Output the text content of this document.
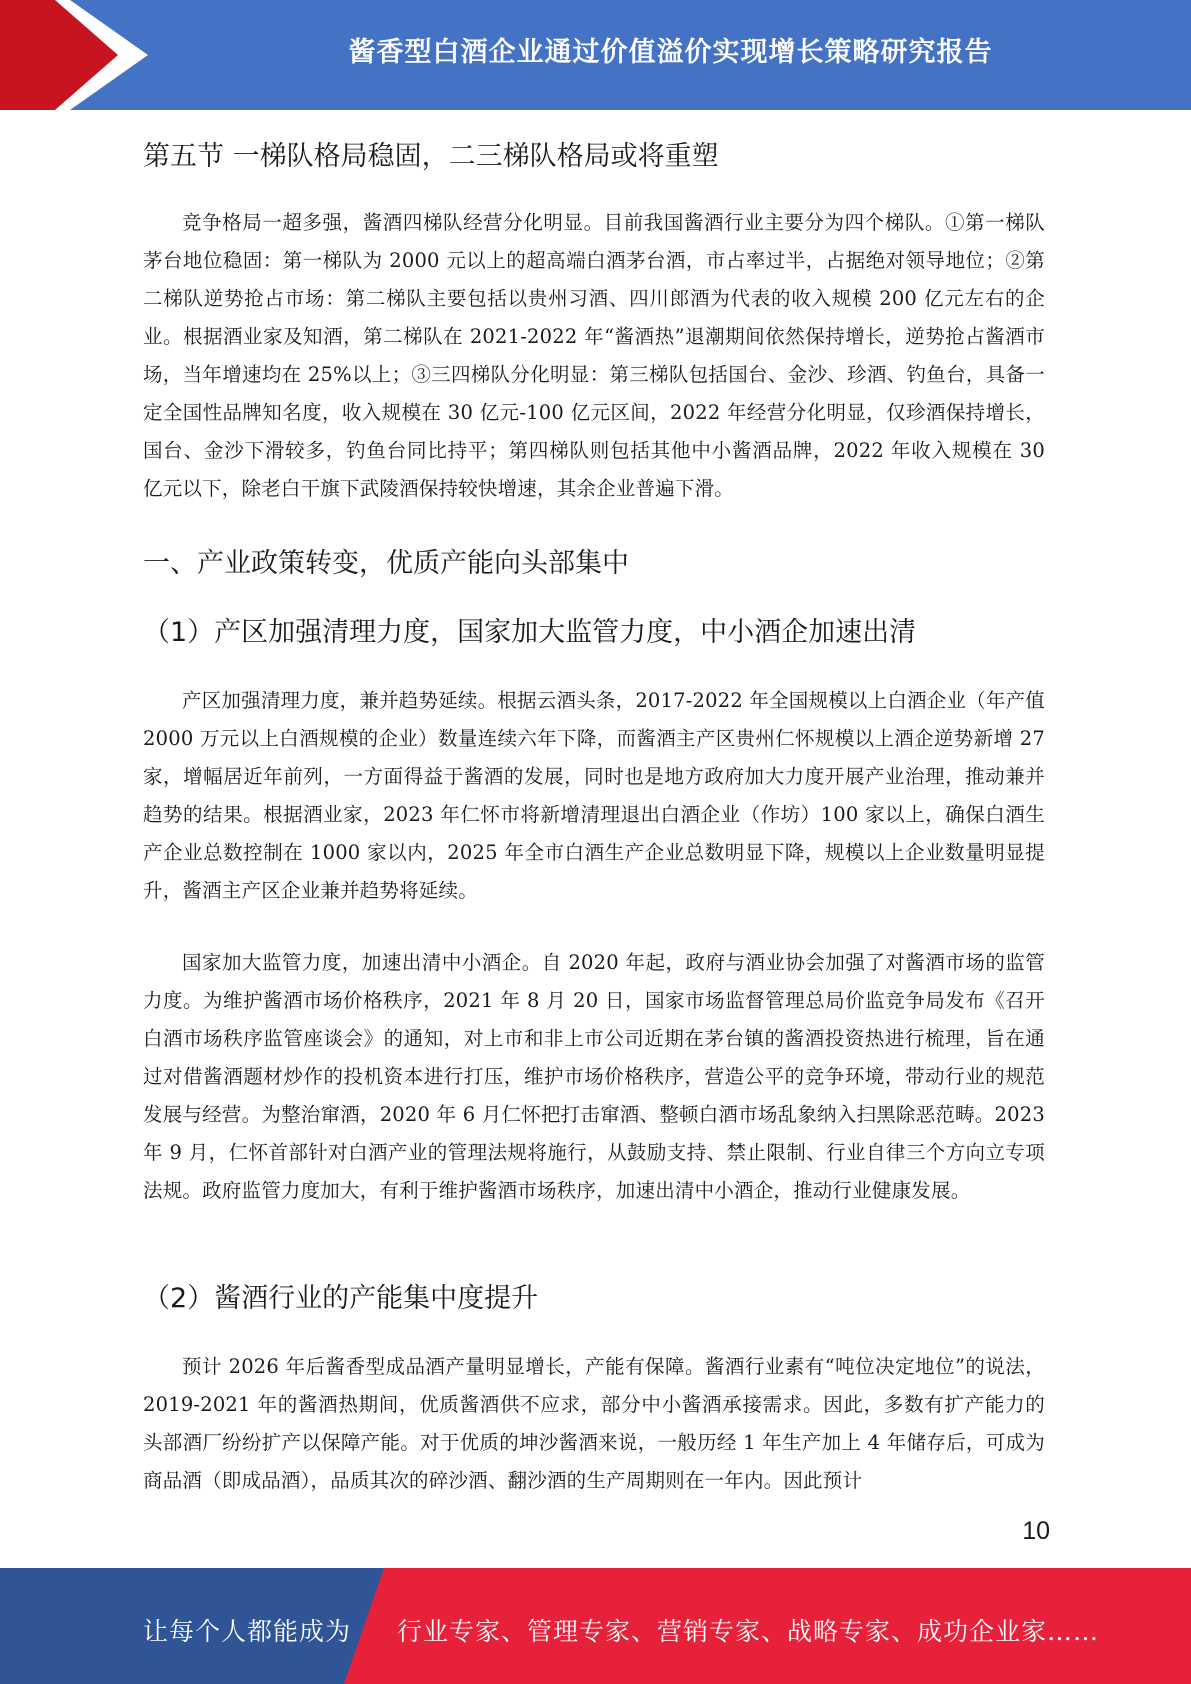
酱香型白酒企业通过价值溢价实现增长策略研究报告
第五节 一梯队格局稳固，二三梯队格局或将重塑

竞争格局一超多强，酱酒四梯队经营分化明显。目前我国酱酒行业主要分为四个梯队。①第一梯队茅台地位稳固：第一梯队为 2000 元以上的超高端白酒茅台酒，市占率过半，占据绝对领导地位；②第二梯队逆势抢占市场：第二梯队主要包括以贵州习酒、四川郎酒为代表的收入规模 200 亿元左右的企业。根据酒业家及知酒，第二梯队在 2021-2022 年“酱酒热”退潮期间依然保持增长，逆势抢占酱酒市场，当年增速均在 25%以上；③三四梯队分化明显：第三梯队包括国台、金沙、珍酒、钓鱼台，具备一定全国性品牌知名度，收入规模在 30 亿元-100 亿元区间，2022 年经营分化明显，仅珍酒保持增长，国台、金沙下滑较多，钓鱼台同比持平；第四梯队则包括其他中小酱酒品牌，2022 年收入规模在 30 亿元以下，除老白干旗下武陵酒保持较快增速，其余企业普遍下滑。

一、产业政策转变，优质产能向头部集中
（1）产区加强清理力度，国家加大监管力度，中小酒企加速出清

产区加强清理力度，兼并趋势延续。根据云酒头条，2017-2022 年全国规模以上白酒企业（年产值 2000 万元以上白酒规模的企业）数量连续六年下降，而酱酒主产区贵州仁怀规模以上酒企逆势新增 27 家，增幅居近年前列，一方面得益于酱酒的发展，同时也是地方政府加大力度开展产业治理，推动兼并趋势的结果。根据酒业家，2023 年仁怀市将新增清理退出白酒企业（作坊）100 家以上，确保白酒生产企业总数控制在 1000 家以内，2025 年全市白酒生产企业总数明显下降，规模以上企业数量明显提升，酱酒主产区企业兼并趋势将延续。

国家加大监管力度，加速出清中小酒企。自 2020 年起，政府与酒业协会加强了对酱酒市场的监管力度。为维护酱酒市场价格秩序，2021 年 8 月 20 日，国家市场监督管理总局价监竞争局发布《召开白酒市场秩序监管座谈会》的通知，对上市和非上市公司近期在茅台镇的酱酒投资热进行梳理，旨在通过对借酱酒题材炒作的投机资本进行打压，维护市场价格秩序，营造公平的竞争环境，带动行业的规范发展与经营。为整治窜酒，2020 年 6 月仁怀把打击窜酒、整顿白酒市场乱象纳入扫黑除恶范畴。2023 年 9 月，仁怀首部针对白酒产业的管理法规将施行，从鼓励支持、禁止限制、行业自律三个方向立专项法规。政府监管力度加大，有利于维护酱酒市场秩序，加速出清中小酒企，推动行业健康发展。

（2）酱酒行业的产能集中度提升

预计 2026 年后酱香型成品酒产量明显增长，产能有保障。酱酒行业素有“吨位决定地位”的说法，2019-2021 年的酱酒热期间，优质酱酒供不应求，部分中小酱酒承接需求。因此，多数有扩产能力的头部酒厂纷纷扩产以保障产能。对于优质的坤沙酱酒来说，一般历经 1 年生产加上 4 年储存后，可成为商品酒（即成品酒），品质其次的碎沙酒、翻沙酒的生产周期则在一年内。因此预计

10
让每个人都能成为 行业专家、管理专家、营销专家、战略专家、成功企业家……
